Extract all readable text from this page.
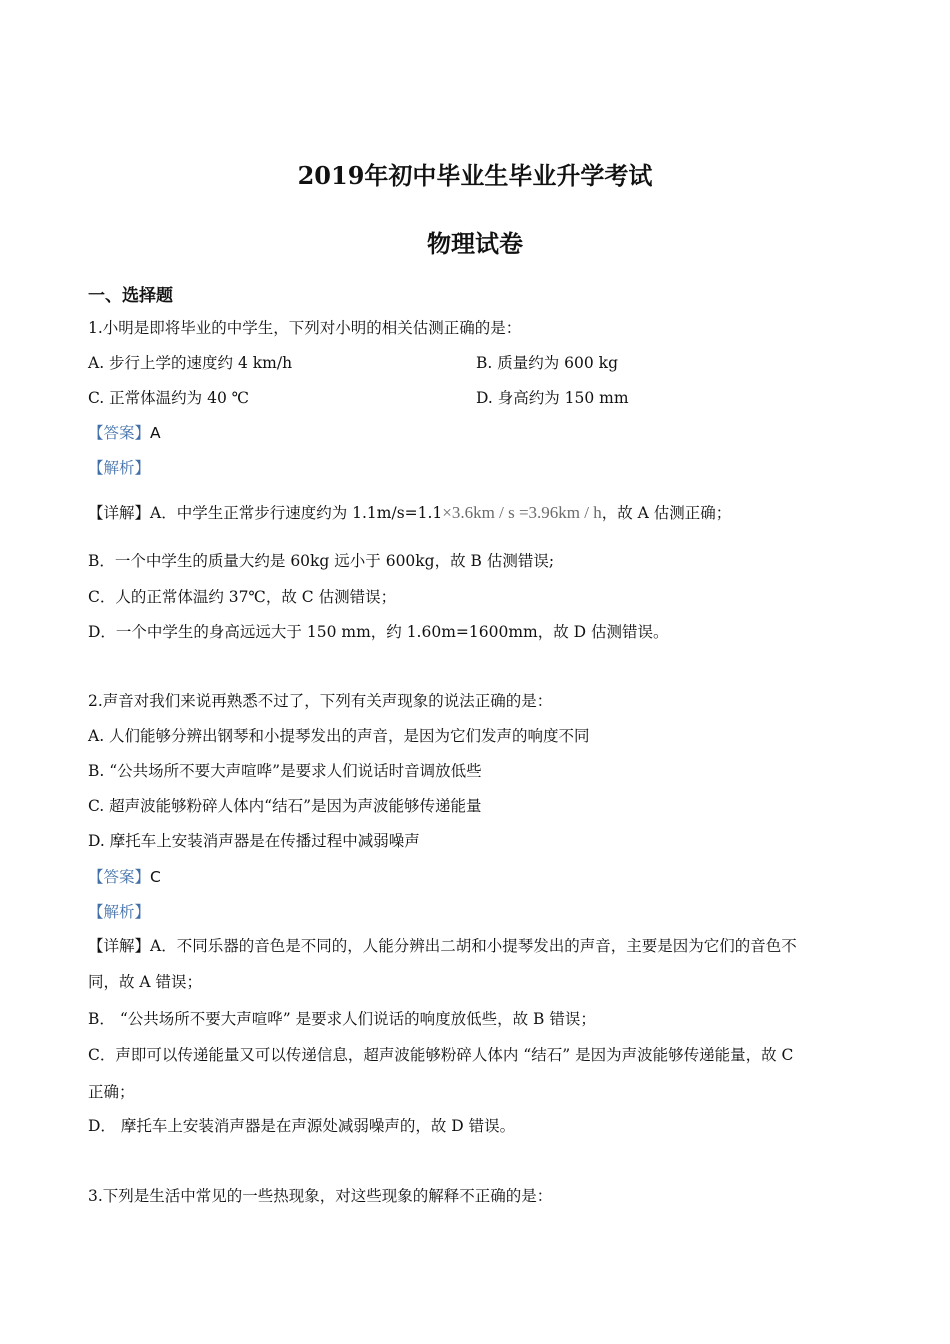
2019年初中毕业生毕业升学考试
物理试卷
一、选择题
1.小明是即将毕业的中学生，下列对小明的相关估测正确的是：
A. 步行上学的速度约 4 km/h	B. 质量约为 600 kg
C. 正常体温约为 40 ℃	D. 身高约为 150 mm
【答案】A
【解析】
【详解】A．中学生正常步行速度约为 1.1m/s=1.1×3.6km / s =3.96km / h，故 A 估测正确；
B．一个中学生的质量大约是 60kg 远小于 600kg，故 B 估测错误;
C．人的正常体温约 37℃，故 C 估测错误；
D．一个中学生的身高远远大于 150 mm，约 1.60m=1600mm，故 D 估测错误。
2.声音对我们来说再熟悉不过了，下列有关声现象的说法正确的是：
A. 人们能够分辨出钢琴和小提琴发出的声音，是因为它们发声的响度不同
B. “公共场所不要大声喧哗”是要求人们说话时音调放低些
C. 超声波能够粉碎人体内“结石”是因为声波能够传递能量
D. 摩托车上安装消声器是在传播过程中减弱噪声
【答案】C
【解析】
【详解】A．不同乐器的音色是不同的，人能分辨出二胡和小提琴发出的声音，主要是因为它们的音色不
同，故 A 错误；
B． “公共场所不要大声喧哗” 是要求人们说话的响度放低些，故 B 错误；
C．声即可以传递能量又可以传递信息，超声波能够粉碎人体内 “结石” 是因为声波能够传递能量，故 C
正确；
D． 摩托车上安装消声器是在声源处减弱噪声的，故 D 错误。
3.下列是生活中常见的一些热现象，对这些现象的解释不正确的是：
